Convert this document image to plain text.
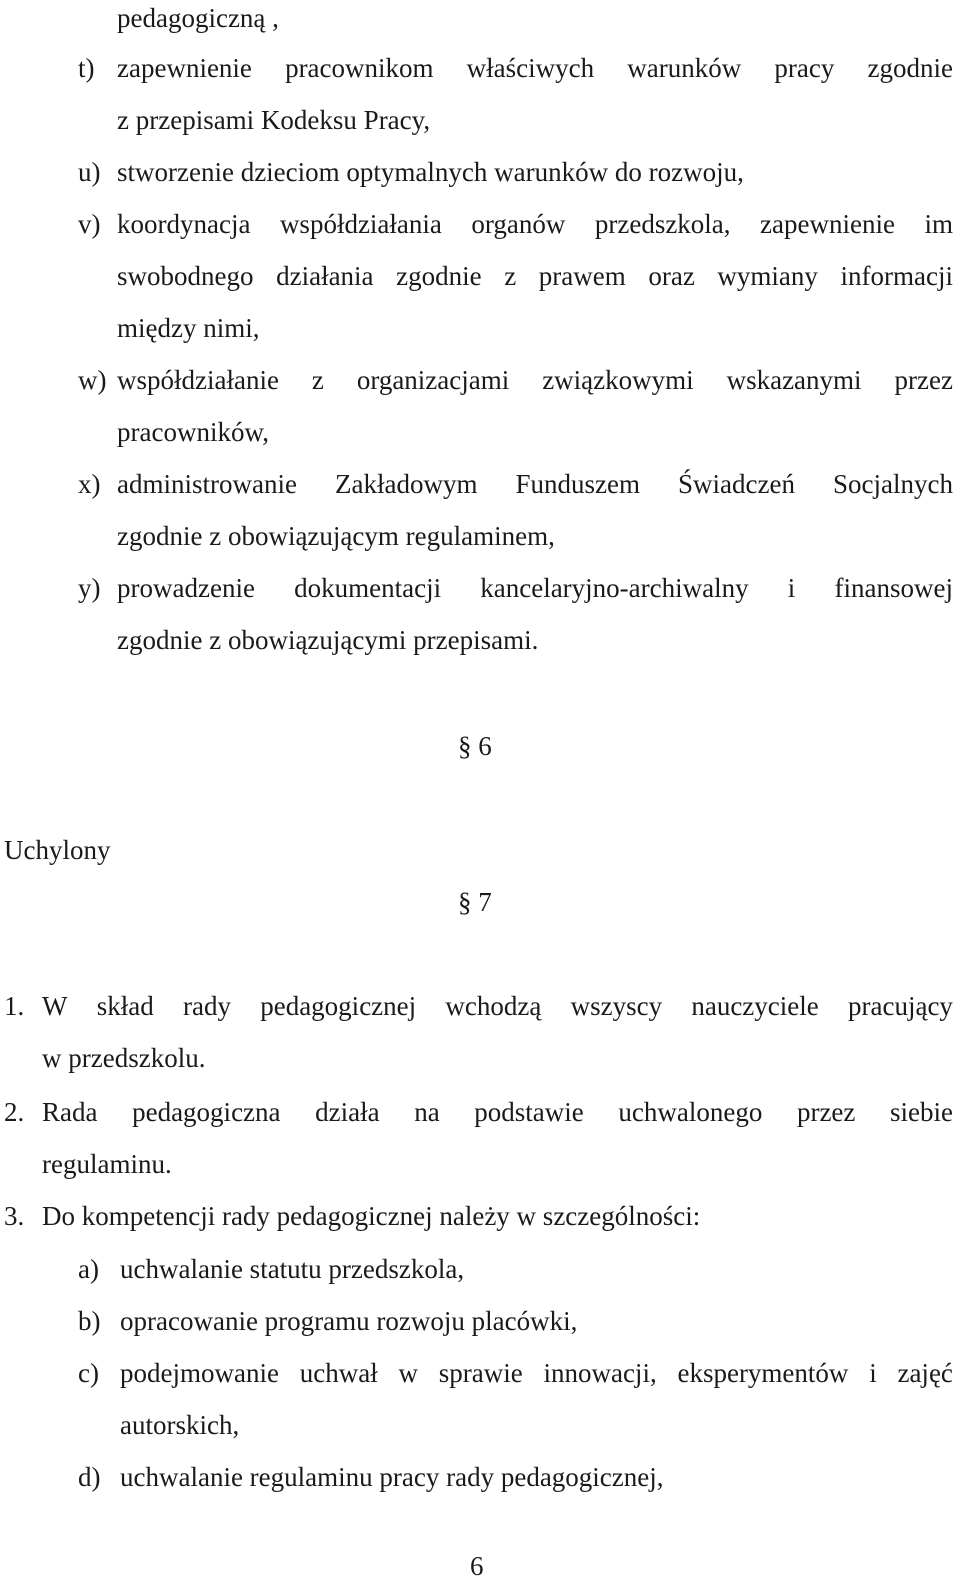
pedagogiczną ,
t) zapewnienie pracownikom właściwych warunków pracy zgodnie
z przepisami Kodeksu Pracy,
u) stworzenie dzieciom optymalnych warunków do rozwoju,
v) koordynacja współdziałania organów przedszkola, zapewnienie im
swobodnego działania zgodnie z prawem oraz wymiany informacji
między nimi,
w) współdziałanie z organizacjami związkowymi wskazanymi przez
pracowników,
x) administrowanie Zakładowym Funduszem Świadczeń Socjalnych
zgodnie z obowiązującym regulaminem,
y) prowadzenie dokumentacji kancelaryjno-archiwalny i finansowej
zgodnie z obowiązującymi przepisami.
§ 6
Uchylony
§ 7
1. W skład rady pedagogicznej wchodzą wszyscy nauczyciele pracujący
w przedszkolu.
2. Rada pedagogiczna działa na podstawie uchwalonego przez siebie
regulaminu.
3. Do kompetencji rady pedagogicznej należy w szczególności:
a) uchwalanie statutu przedszkola,
b) opracowanie programu rozwoju placówki,
c) podejmowanie uchwał w sprawie innowacji, eksperymentów i zajęć
autorskich,
d) uchwalanie regulaminu pracy rady pedagogicznej,
6
